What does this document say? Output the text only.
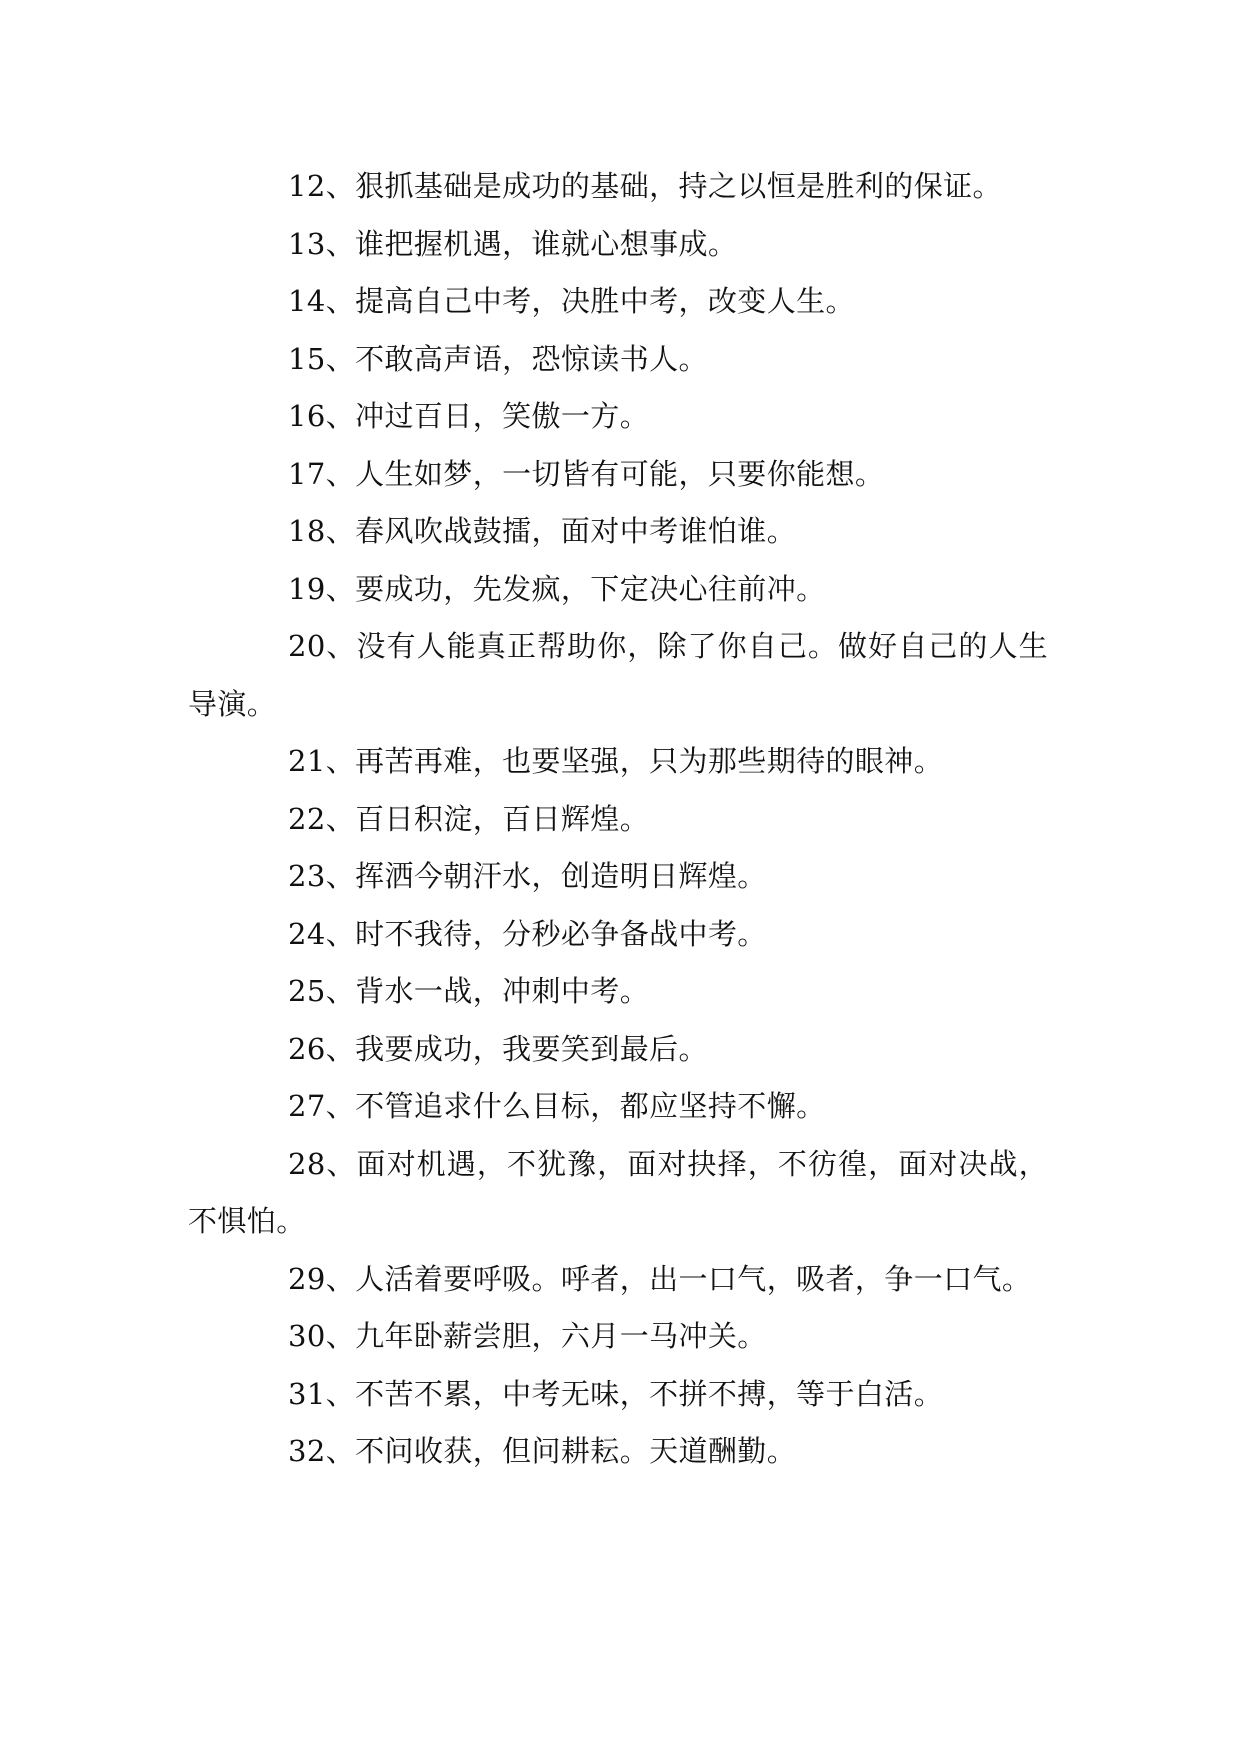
12、狠抓基础是成功的基础，持之以恒是胜利的保证。

13、谁把握机遇，谁就心想事成。

14、提高自己中考，决胜中考，改变人生。

15、不敢高声语，恐惊读书人。

16、冲过百日，笑傲一方。

17、人生如梦，一切皆有可能，只要你能想。

18、春风吹战鼓擂，面对中考谁怕谁。

19、要成功，先发疯，下定决心往前冲。

20、没有人能真正帮助你，除了你自己。做好自己的人生导演。

21、再苦再难，也要坚强，只为那些期待的眼神。

22、百日积淀，百日辉煌。

23、挥洒今朝汗水，创造明日辉煌。

24、时不我待，分秒必争备战中考。

25、背水一战，冲刺中考。

26、我要成功，我要笑到最后。

27、不管追求什么目标，都应坚持不懈。

28、面对机遇，不犹豫，面对抉择，不彷徨，面对决战，不惧怕。

29、人活着要呼吸。呼者，出一口气，吸者，争一口气。

30、九年卧薪尝胆，六月一马冲关。

31、不苦不累，中考无味，不拼不搏，等于白活。

32、不问收获，但问耕耘。天道酬勤。
